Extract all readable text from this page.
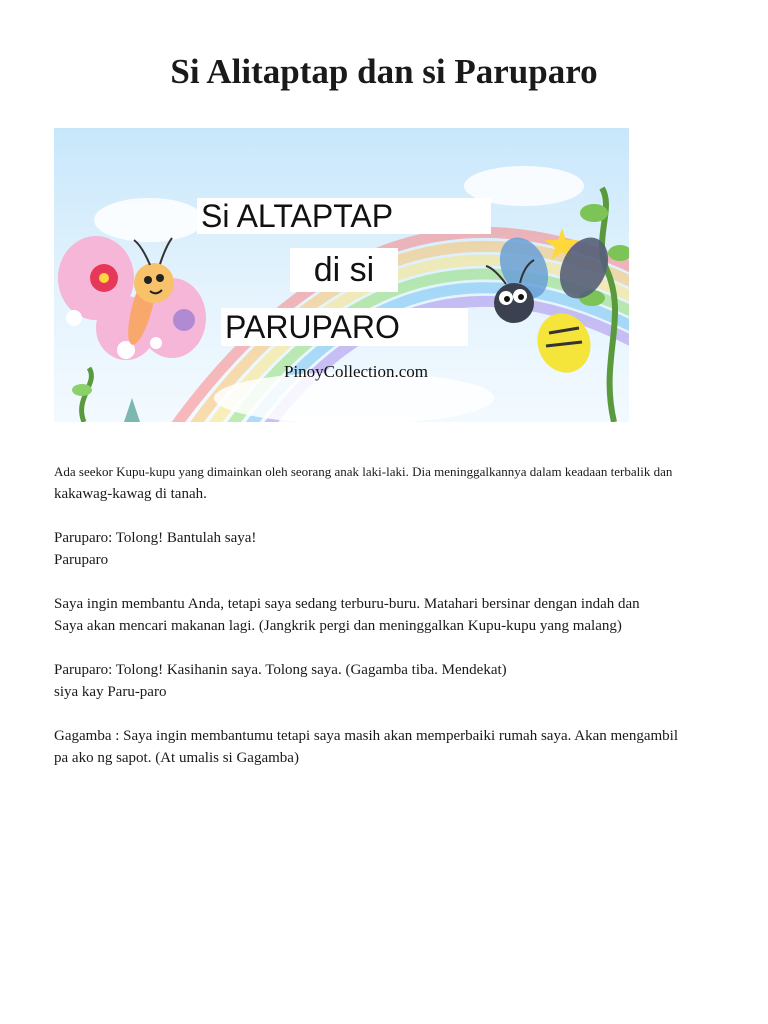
Si Alitaptap dan si Paruparo
Si ALTAPTAP
di si
PARUPARO
PinoyCollection.com

Ada seekor Kupu-kupu yang dimainkan oleh seorang anak laki-laki. Dia meninggalkannya dalam keadaan terbalik dan
kakawag-kawag di tanah.

Paruparo: Tolong! Bantulah saya!
Paruparo

Saya ingin membantu Anda, tetapi saya sedang terburu-buru. Matahari bersinar dengan indah dan
Saya akan mencari makanan lagi. (Jangkrik pergi dan meninggalkan Kupu-kupu yang malang)

Paruparo: Tolong! Kasihanin saya. Tolong saya. (Gagamba tiba. Mendekat)
siya kay Paru-paro

Gagamba : Saya ingin membantumu tetapi saya masih akan memperbaiki rumah saya. Akan mengambil
pa ako ng sapot. (At umalis si Gagamba)
